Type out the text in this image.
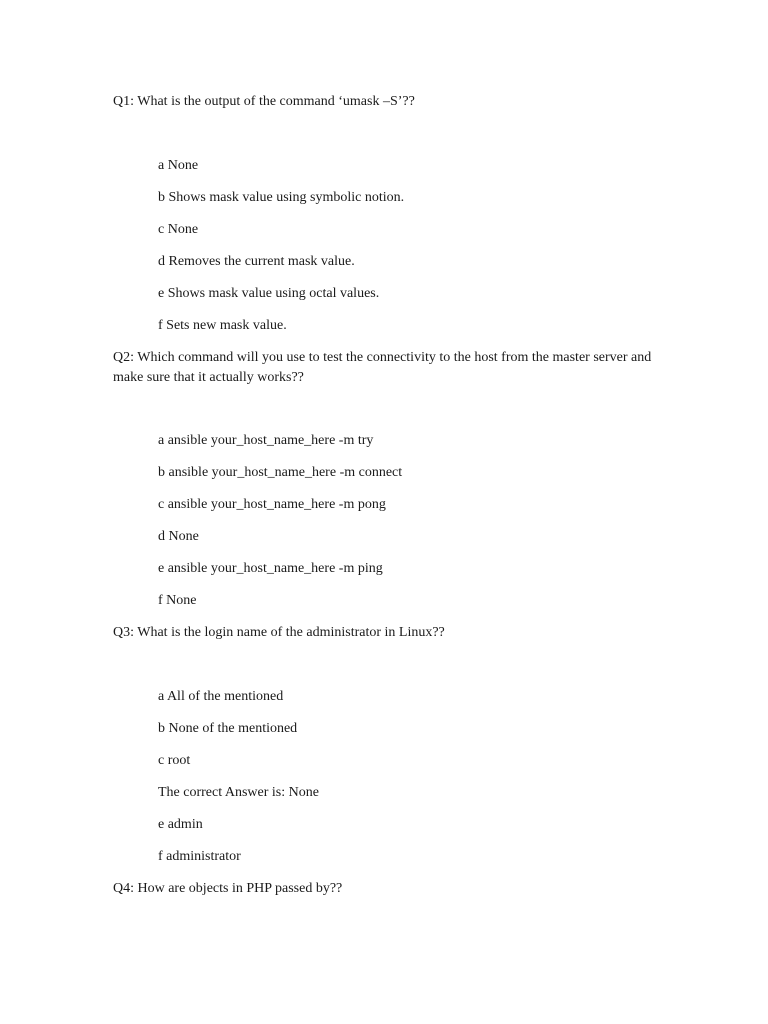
Q1: What is the output of the command ‘umask –S’??
a None
b Shows mask value using symbolic notion.
c None
d Removes the current mask value.
e Shows mask value using octal values.
f Sets new mask value.
Q2: Which command will you use to test the connectivity to the host from the master server and make sure that it actually works??
a ansible your_host_name_here -m try
b ansible your_host_name_here -m connect
c ansible your_host_name_here -m pong
d None
e ansible your_host_name_here -m ping
f None
Q3: What is the login name of the administrator in Linux??
a All of the mentioned
b None of the mentioned
c root
The correct Answer is: None
e admin
f administrator
Q4: How are objects in PHP passed by??
